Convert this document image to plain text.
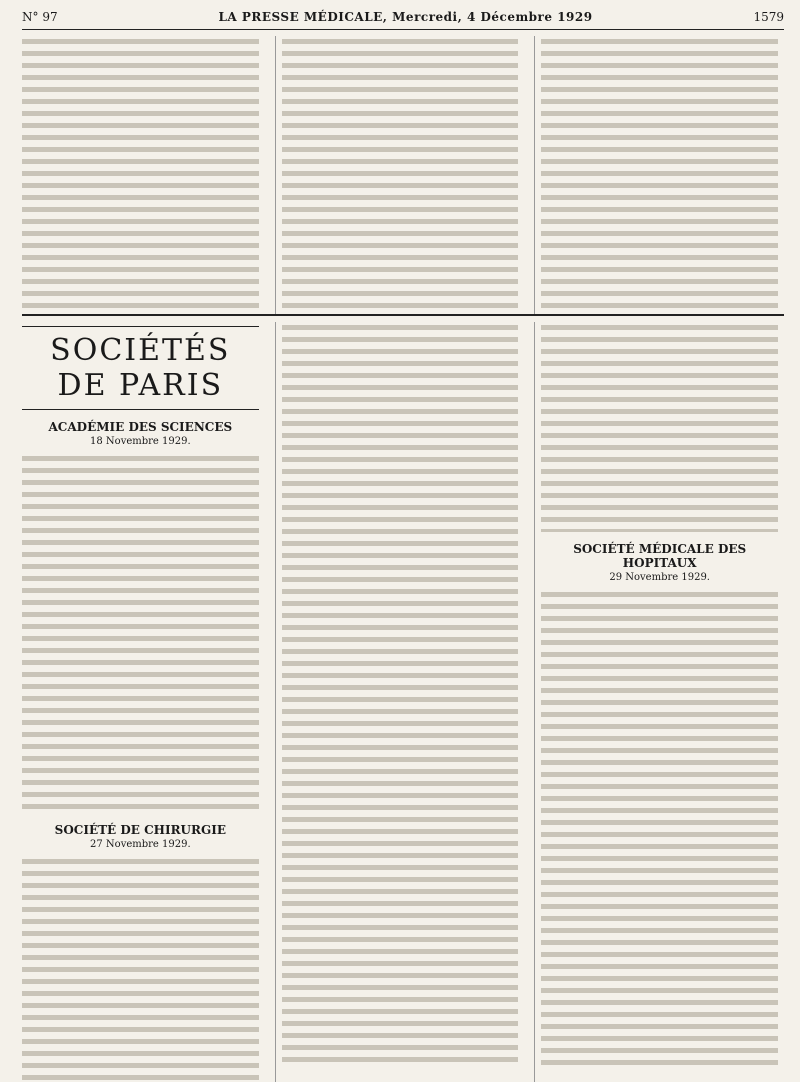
N° 97	LA PRESSE MÉDICALE, Mercredi, 4 Décembre 1929	1579
SOCIÉTÉS DE PARIS
ACADÉMIE DES SCIENCES
18 Novembre 1929.
SOCIÉTÉ DE CHIRURGIE
27 Novembre 1929.
SOCIÉTÉ MÉDICALE DES HOPITAUX
29 Novembre 1929.
